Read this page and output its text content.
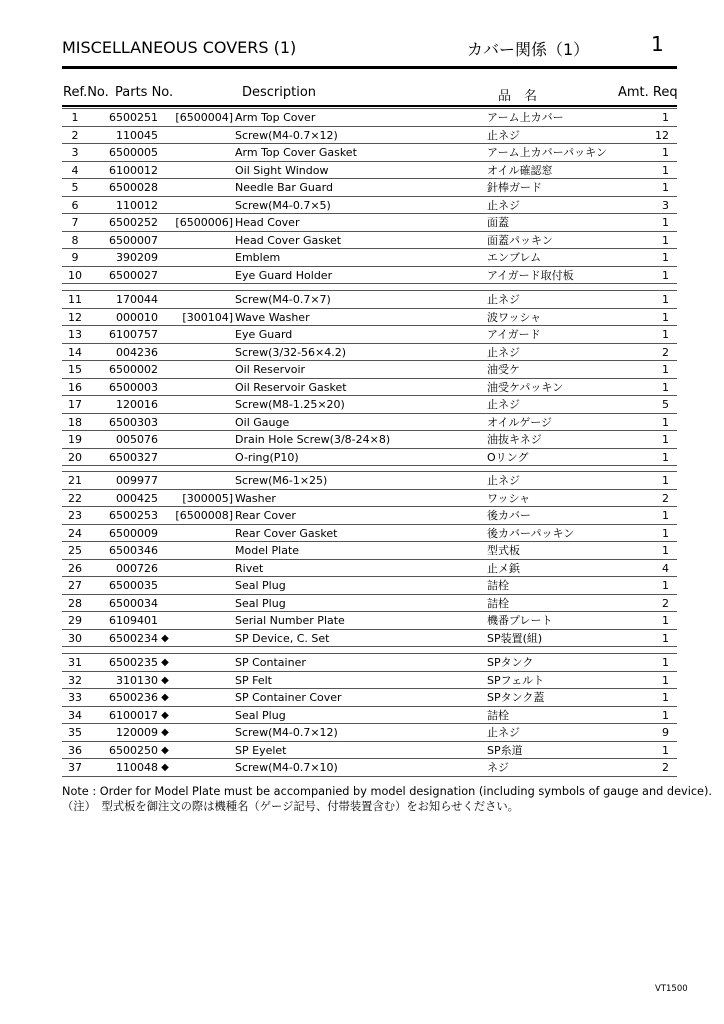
MISCELLANEOUS COVERS (1)	カバー関係（1）	1
Ref.No. Parts No.	Description	品　名	Amt. Req
1	6500251	[6500004] Arm Top Cover	アーム上カバー	1
2	110045	Screw(M4-0.7×12)	止ネジ	12
3	6500005	Arm Top Cover Gasket	アーム上カバーパッキン	1
4	6100012	Oil Sight Window	オイル確認窓	1
5	6500028	Needle Bar Guard	針棒ガード	1
6	110012	Screw(M4-0.7×5)	止ネジ	3
7	6500252	[6500006] Head Cover	面蓋	1
8	6500007	Head Cover Gasket	面蓋パッキン	1
9	390209	Emblem	エンブレム	1
10	6500027	Eye Guard Holder	アイガード取付板	1
11	170044	Screw(M4-0.7×7)	止ネジ	1
12	000010	[300104] Wave Washer	波ワッシャ	1
13	6100757	Eye Guard	アイガード	1
14	004236	Screw(3/32-56×4.2)	止ネジ	2
15	6500002	Oil Reservoir	油受ケ	1
16	6500003	Oil Reservoir Gasket	油受ケパッキン	1
17	120016	Screw(M8-1.25×20)	止ネジ	5
18	6500303	Oil Gauge	オイルゲージ	1
19	005076	Drain Hole Screw(3/8-24×8)	油抜キネジ	1
20	6500327	O-ring(P10)	Oリング	1
21	009977	Screw(M6-1×25)	止ネジ	1
22	000425	[300005] Washer	ワッシャ	2
23	6500253	[6500008] Rear Cover	後カバー	1
24	6500009	Rear Cover Gasket	後カバーパッキン	1
25	6500346	Model Plate	型式板	1
26	000726	Rivet	止メ鋲	4
27	6500035	Seal Plug	詰栓	1
28	6500034	Seal Plug	詰栓	2
29	6109401	Serial Number Plate	機番プレート	1
30	6500234 ◆	SP Device, C. Set	SP装置(組)	1
31	6500235 ◆	SP Container	SPタンク	1
32	310130 ◆	SP Felt	SPフェルト	1
33	6500236 ◆	SP Container Cover	SPタンク蓋	1
34	6100017 ◆	Seal Plug	詰栓	1
35	120009 ◆	Screw(M4-0.7×12)	止ネジ	9
36	6500250 ◆	SP Eyelet	SP糸道	1
37	110048 ◆	Screw(M4-0.7×10)	ネジ	2
Note : Order for Model Plate must be accompanied by model designation (including symbols of gauge and device).
（注）　型式板を御注文の際は機種名（ゲージ記号、付帯装置含む）をお知らせください。
VT1500
